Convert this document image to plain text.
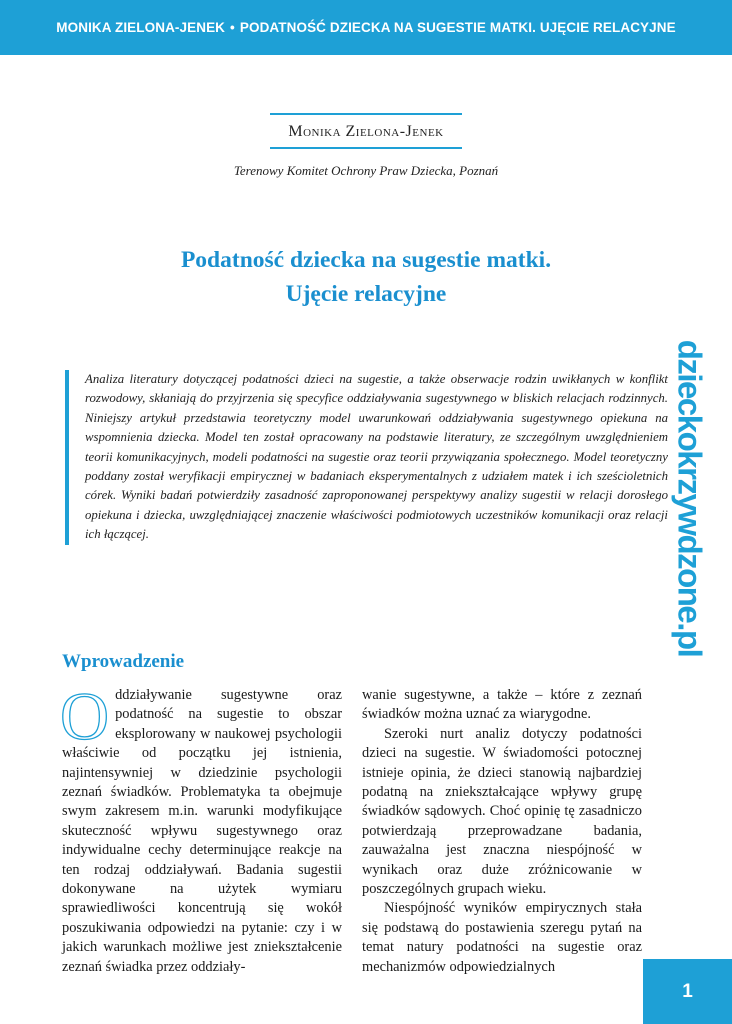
MONIKA ZIELONA-JENEK • PODATNOŚĆ DZIECKA NA SUGESTIE MATKI. UJĘCIE RELACYJNE
Monika Zielona-Jenek
Terenowy Komitet Ochrony Praw Dziecka, Poznań
Podatność dziecka na sugestie matki.
Ujęcie relacyjne
Analiza literatury dotyczącej podatności dzieci na sugestie, a także obserwacje rodzin uwikłanych w konflikt rozwodowy, skłaniają do przyjrzenia się specyfice oddziaływania sugestywnego w bliskich relacjach rodzinnych. Niniejszy artykuł przedstawia teoretyczny model uwarunkowań oddziaływania sugestywnego opiekuna na wspomnienia dziecka. Model ten został opracowany na podstawie literatury, ze szczególnym uwzględnieniem teorii komunikacyjnych, modeli podatności na sugestie oraz teorii przywiązania społecznego. Model teoretyczny poddany został weryfikacji empirycznej w badaniach eksperymentalnych z udziałem matek i ich sześcioletnich córek. Wyniki badań potwierdziły zasadność zaproponowanej perspektywy analizy sugestii w relacji dorosłego opiekuna i dziecka, uwzględniającej znaczenie właściwości podmiotowych uczestników komunikacji oraz relacji ich łączącej.	dzieckokrzywdzone.pl
Wprowadzenie

Oddziaływanie sugestywne oraz podatność na sugestie to obszar eksplorowany w naukowej psychologii właściwie od początku jej istnienia, najintensywniej w dziedzinie psychologii zeznań świadków. Problematyka ta obejmuje swym zakresem m.in. warunki modyfikujące skuteczność wpływu sugestywnego oraz indywidualne cechy determinujące reakcje na ten rodzaj oddziaływań. Badania sugestii dokonywane na użytek wymiaru sprawiedliwości koncentrują się wokół poszukiwania odpowiedzi na pytanie: czy i w jakich warunkach możliwe jest zniekształcenie zeznań świadka przez oddziały-

wanie sugestywne, a także – które z zeznań świadków można uznać za wiarygodne.

Szeroki nurt analiz dotyczy podatności dzieci na sugestie. W świadomości potocznej istnieje opinia, że dzieci stanowią najbardziej podatną na zniekształcające wpływy grupę świadków sądowych. Choć opinię tę zasadniczo potwierdzają przeprowadzane badania, zauważalna jest znaczna niespójność w wynikach oraz duże zróżnicowanie w poszczególnych grupach wieku.

Niespójność wyników empirycznych stała się podstawą do postawienia szeregu pytań na temat natury podatności na sugestie oraz mechanizmów odpowiedzialnych

1
